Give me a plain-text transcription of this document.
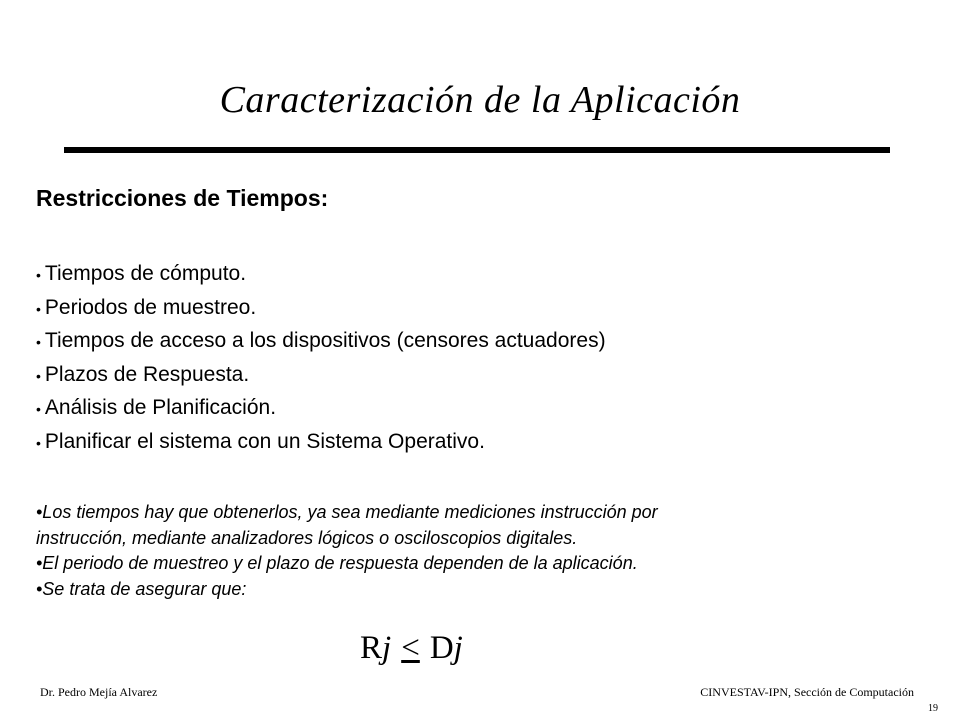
Caracterización de la Aplicación
Restricciones de Tiempos:
• Tiempos de cómputo.
• Periodos de muestreo.
• Tiempos de acceso a los dispositivos (censores actuadores)
• Plazos de Respuesta.
• Análisis de Planificación.
• Planificar el sistema con un Sistema Operativo.
•Los tiempos hay que obtenerlos, ya sea mediante mediciones instrucción por
instrucción, mediante analizadores lógicos o osciloscopios digitales.
•El periodo de muestreo y el plazo de respuesta dependen de la aplicación.
•Se trata de asegurar que:
Rj < Dj
Dr. Pedro Mejía Alvarez	CINVESTAV-IPN, Sección de Computación
19
